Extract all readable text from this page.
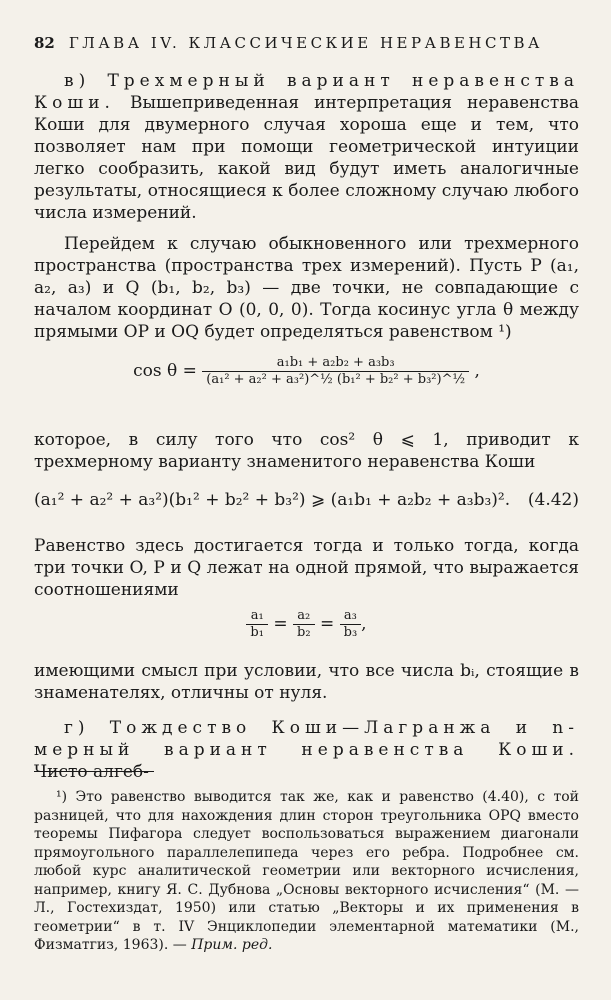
82 ГЛАВА IV. КЛАССИЧЕСКИЕ НЕРАВЕНСТВА
в) Трехмерный вариант неравенства Коши. Вышеприведенная интерпретация неравенства Коши для двумерного случая хороша еще и тем, что позволяет нам при помощи геометрической интуиции легко сообразить, какой вид будут иметь аналогичные результаты, относящиеся к более сложному случаю любого числа измерений.
Перейдем к случаю обыкновенного или трехмерного пространства (пространства трех измерений). Пусть P (a₁, a₂, a₃) и Q (b₁, b₂, b₃) — две точки, не совпадающие с началом координат O (0, 0, 0). Тогда косинус угла θ между прямыми OP и OQ будет определяться равенством ¹)
$\cos \theta = \frac{\text{a₁b₁ + a₂b₂ + a₃b₃}}{\text{(a₁² + a₂² + a₃²)\textasciicircum{}½ (b₁² + b₂² + b₃²)\textasciicircum{}½}}$ ,
которое, в силу того что cos² θ ⩽ 1, приводит к трехмерному варианту знаменитого неравенства Коши
(a₁² + a₂² + a₃²)(b₁² + b₂² + b₃²) ⩾ (a₁b₁ + a₂b₂ + a₃b₃)². (4.42)
Равенство здесь достигается тогда и только тогда, когда три точки O, P и Q лежат на одной прямой, что выражается соотношениями
$\frac{\text{a₁}}{\text{b₁}} = \frac{\text{a₂}}{\text{b₂}} = \frac{\text{a₃}}{\text{b₃}}$ ,
имеющими смысл при условии, что все числа bᵢ, стоящие в знаменателях, отличны от нуля.
г) Тождество Коши—Лагранжа и n-мерный вариант неравенства Коши. Чисто алгеб-
¹) Это равенство выводится так же, как и равенство (4.40), с той разницей, что для нахождения длин сторон треугольника OPQ вместо теоремы Пифагора следует воспользоваться выражением диагонали прямоугольного параллелепипеда через его ребра. Подробнее см. любой курс аналитической геометрии или векторного исчисления, например, книгу Я. С. Дубнова „Основы векторного исчисления“ (М. — Л., Гостехиздат, 1950) или статью „Векторы и их применения в геометрии“ в т. IV Энциклопедии элементарной математики (М., Физматгиз, 1963). — Прим. ред.
